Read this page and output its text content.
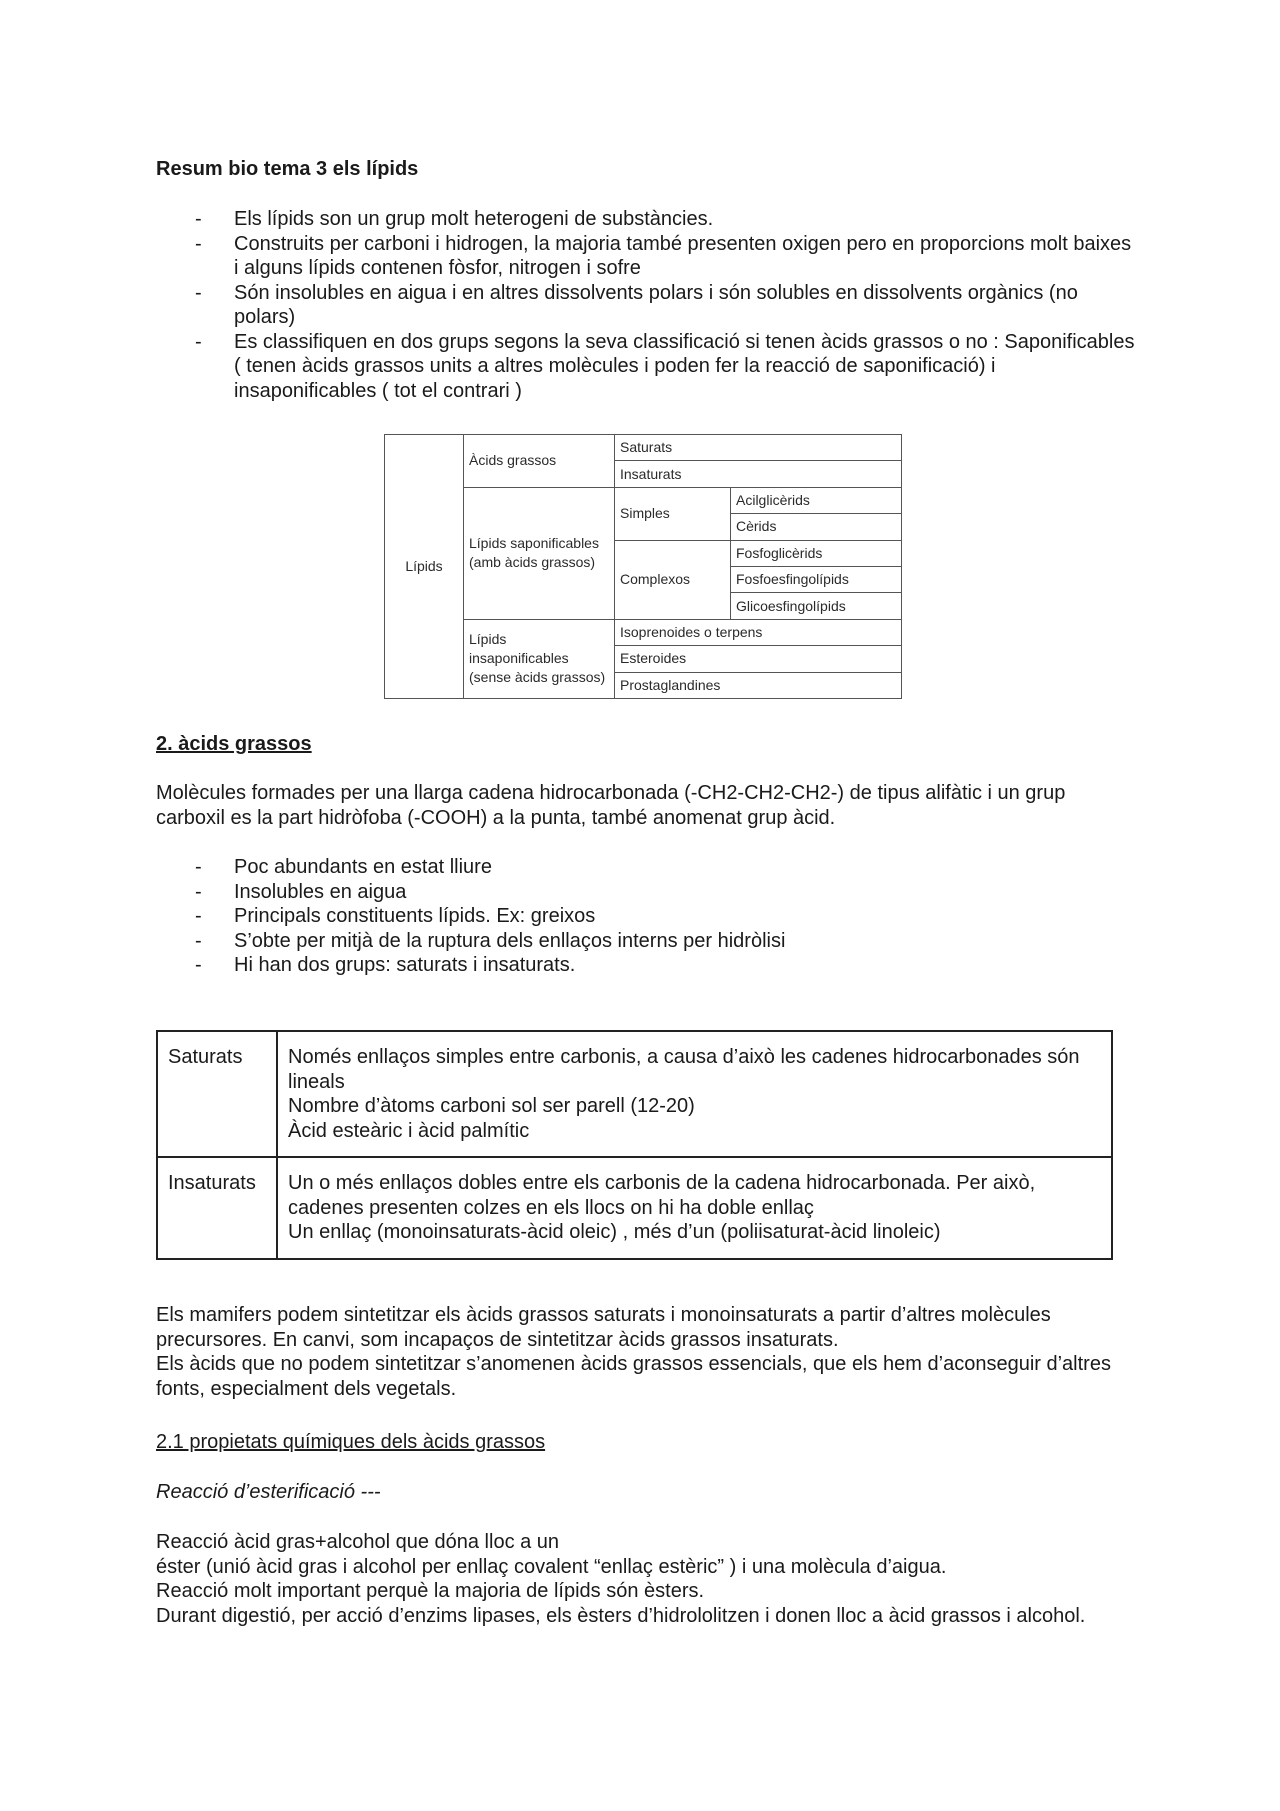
Resum bio tema 3 els lípids
- Els lípids son un grup molt heterogeni de substàncies.
- Construits per carboni i hidrogen, la majoria també presenten oxigen pero en proporcions molt baixes i alguns lípids contenen fòsfor, nitrogen i sofre
- Són insolubles en aigua i en altres dissolvents polars i són solubles en dissolvents orgànics (no polars)
- Es classifiquen en dos grups segons la seva classificació si tenen àcids grassos o no : Saponificables ( tenen àcids grassos units a altres molècules i poden fer la reacció de saponificació) i insaponificables ( tot el contrari )
Lípids	Àcids grassos	Saturats	
		Insaturats	
	Lípids saponificables (amb àcids grassos)	Simples	Acilglicèrids
			Cèrids
		Complexos	Fosfoglicèrids
			Fosfoesfingolípids
			Glicoesfingolípids
	Lípids insaponificables (sense àcids grassos)	Isoprenoides o terpens	
		Esteroides	
		Prostaglandines	
2. àcids grassos
Molècules formades per una llarga cadena hidrocarbonada (-CH2-CH2-CH2-) de tipus alifàtic i un grup carboxil es la part hidròfoba (-COOH) a la punta, també anomenat grup àcid.
- Poc abundants en estat lliure
- Insolubles en aigua
- Principals constituents lípids. Ex: greixos
- S’obte per mitjà de la ruptura dels enllaços interns per hidròlisi
- Hi han dos grups: saturats i insaturats.
Saturats	Només enllaços simples entre carbonis, a causa d’això les cadenes hidrocarbonades són lineals
Nombre d’àtoms carboni sol ser parell (12-20)
Àcid esteàric i àcid palmític

Insaturats	Un o més enllaços dobles entre els carbonis de la cadena hidrocarbonada. Per això, cadenes presenten colzes en els llocs on hi ha doble enllaç
Un enllaç (monoinsaturats-àcid oleic) , més d’un (poliisaturat-àcid linoleic)
Els mamifers podem sintetitzar els àcids grassos saturats i monoinsaturats a partir d’altres molècules precursores. En canvi, som incapaços de sintetitzar àcids grassos insaturats.
Els àcids que no podem sintetitzar s’anomenen àcids grassos essencials, que els hem d’aconseguir d’altres fonts, especialment dels vegetals.
2.1 propietats químiques dels àcids grassos
Reacció d’esterificació ---
Reacció àcid gras+alcohol que dóna lloc a un
éster (unió àcid gras i alcohol per enllaç covalent “enllaç estèric” ) i una molècula d’aigua.
Reacció molt important perquè la majoria de lípids són èsters.
Durant digestió, per acció d’enzims lipases, els èsters d’hidrololitzen i donen lloc a àcid grassos i alcohol.
